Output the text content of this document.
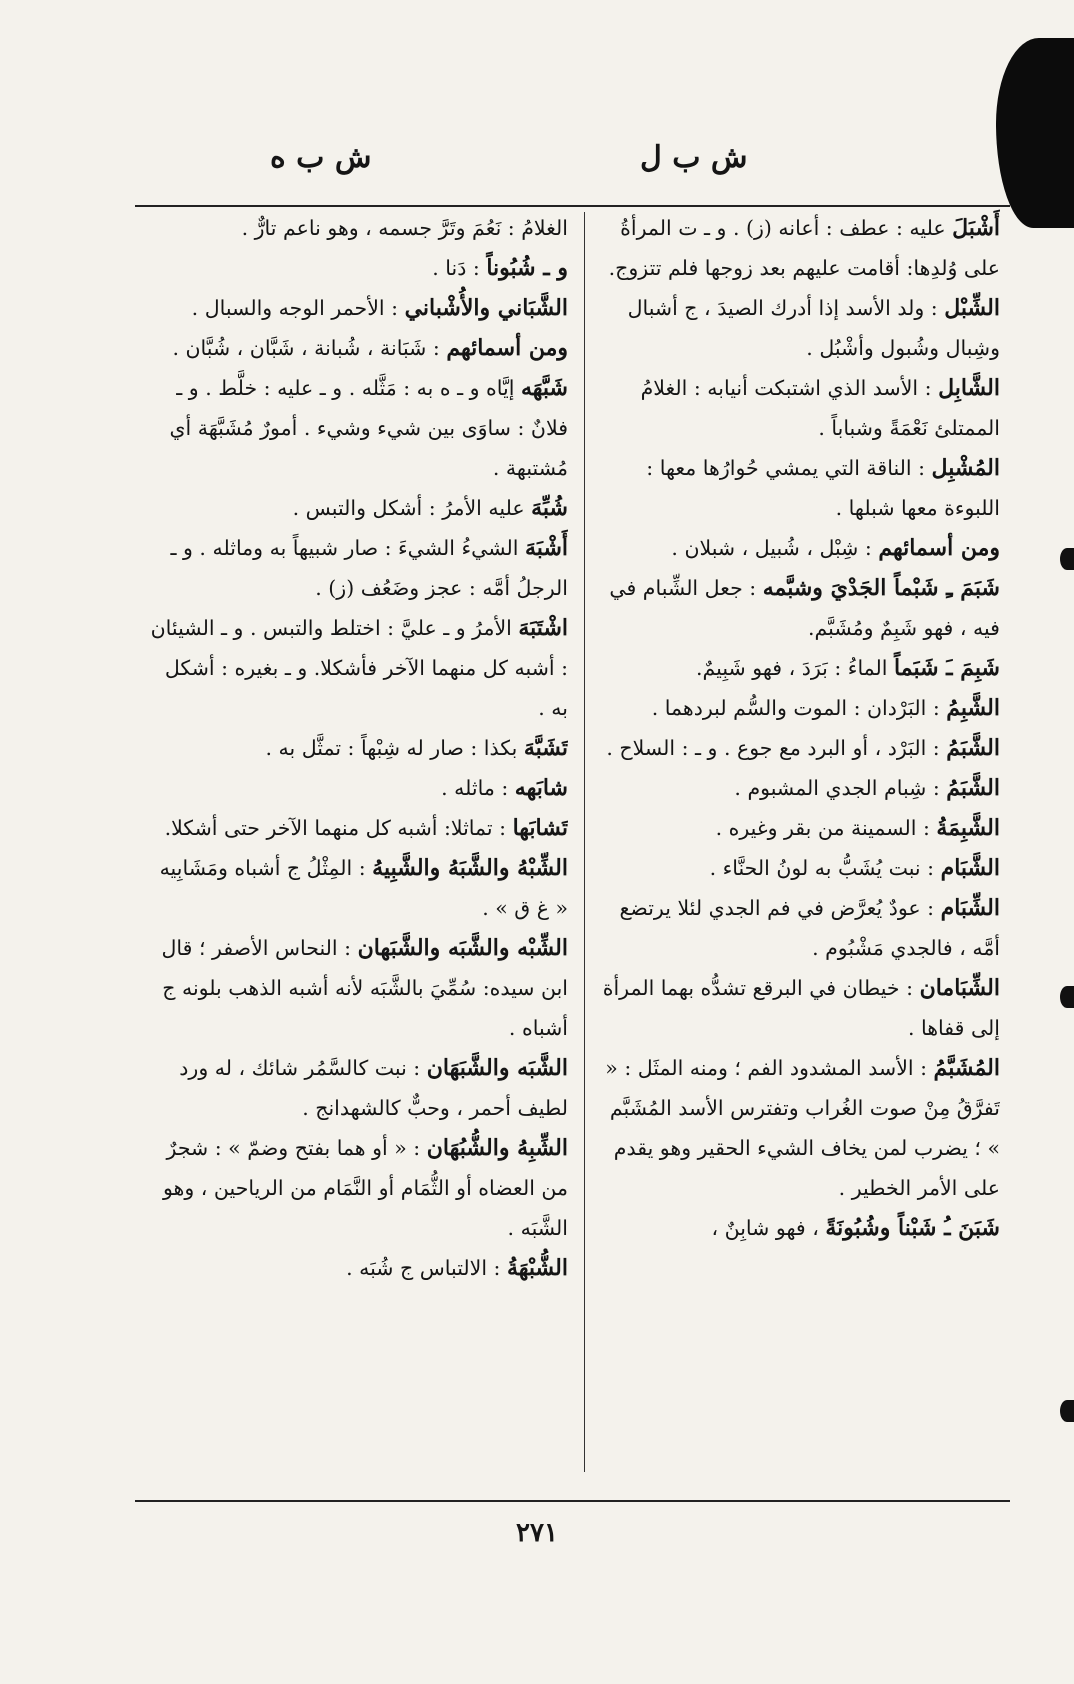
ش ب ل
ش ب ه

أَشْبَلَ عليه : عطف : أعانه (ز) . و ـ ت المرأةُ على وُلدِها: أقامت عليهم بعد زوجها فلم تتزوج.

الشِّبْل : ولد الأسد إذا أدرك الصيدَ ، ج أشبال وشِبال وشُبول وأشْبُل .

الشَّابِل : الأسد الذي اشتبكت أنيابه : الغلامُ الممتلئ نَعْمَةً وشباباً .

المُشْبِل : الناقة التي يمشي حُوارُها معها : اللبوءة معها شبلها .

ومن أسمائهم : شِبْل ، شُبيل ، شبلان .

شَبَمَ ـِ شَبْماً الجَدْيَ وشبَّمه : جعل الشِّبام في فيه ، فهو شَبِمٌ ومُشَبَّم.

شَبِمَ ـَ شَبَماً الماءُ : بَرَدَ ، فهو شَبِيمٌ.

الشَّبِمُ : البَرْدان : الموت والسُّم لبردهما .

الشَّبَمُ : البَرْد ، أو البرد مع جوع . و ـ : السلاح .

الشَّبَمُ : شِبام الجدي المشبوم .

الشَّبِمَةُ : السمينة من بقر وغيره .

الشَّبَام : نبت يُشَبُّ به لونُ الحنَّاء .

الشِّبَام : عودٌ يُعرَّض في فم الجدي لئلا يرتضع أمَّه ، فالجدي مَشْبُوم .

الشِّبَامان : خيطان في البرقع تشدُّه بهما المرأة إلى قفاها .

المُشَبَّمُ : الأسد المشدود الفم ؛ ومنه المثَل : « تَفرَّقُ مِنْ صوت الغُراب وتفترس الأسد المُشَبَّم » ؛ يضرب لمن يخاف الشيء الحقير وهو يقدم على الأمر الخطير .

شَبَنَ ـُ شَبْناً وشُبُونَةً ، فهو شابِنٌ ،

الغلامُ : نَعُمَ وتَرَّ جسمه ، وهو ناعم تارٌّ .

و ـ شُبُوناً : دَنا .

الشَّبَاني والأُشْباني : الأحمر الوجه والسبال .

ومن أسمائهم : شَبَانة ، شُبانة ، شَبَّان ، شُبَّان .

شَبَّهَه إيَّاه و ـ ه به : مَثَّله . و ـ عليه : خلَّط . و ـ فلانٌ : ساوَى بين شيء وشيء . أمورٌ مُشَبَّهَة أي مُشتبهة .

شُبِّهَ عليه الأمرُ : أشكل والتبس .

أَشْبَهَ الشيءُ الشيءَ : صار شبيهاً به وماثله . و ـ الرجلُ أمَّه : عجز وضَعُف (ز) .

اشْتَبَهَ الأمرُ و ـ عليَّ : اختلط والتبس . و ـ الشيئان : أشبه كل منهما الآخر فأشكلا. و ـ بغيره : أشكل به .

تَشَبَّهَ بكذا : صار له شِبْهاً : تمثَّل به .

شابَهه : ماثله .

تَشابَها : تماثلا: أشبه كل منهما الآخر حتى أشكلا.

الشِّبْهُ والشَّبَهُ والشَّبِيهُ : المِثْلُ ج أشباه ومَشَابِيه « غ ق » .

الشِّبْه والشَّبَه والشَّبَهان : النحاس الأصفر ؛ قال ابن سيده: سُمِّيَ بالشَّبَه لأنه أشبه الذهب بلونه ج أشباه .

الشَّبَه والشَّبَهَان : نبت كالسَّمُر شائك ، له ورد لطيف أحمر ، وحبٌّ كالشهدانج .

الشِّبِهُ والشُّبُهَان : « أو هما بفتح وضمّ » : شجرٌ من العضاه أو الثُّمَام أو النَّمَام من الرياحين ، وهو الشَّبَه .

الشُّبْهَةُ : الالتباس ج شُبَه .

٢٧١
